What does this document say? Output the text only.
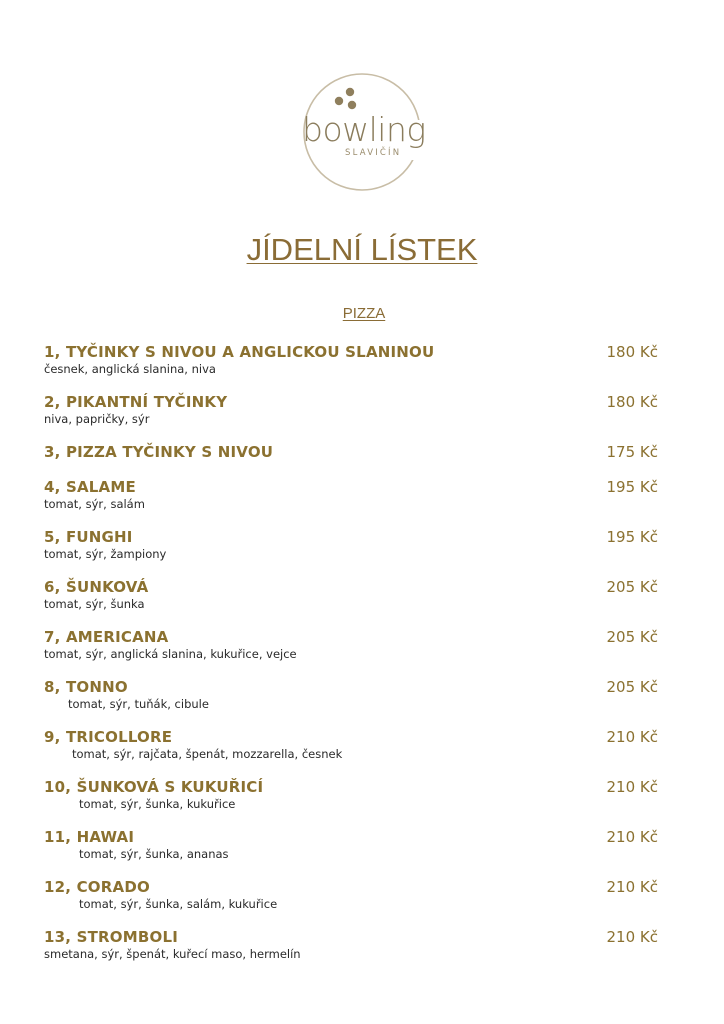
bowling
SLAVIČÍN
JÍDELNÍ LÍSTEK
PIZZA
1, TYČINKY S NIVOU A ANGLICKOU SLANINOU	180 Kč
česnek, anglická slanina, niva
2, PIKANTNÍ TYČINKY	180 Kč
niva, papričky, sýr
3, PIZZA TYČINKY S NIVOU	175 Kč
4, SALAME	195 Kč
tomat, sýr, salám
5, FUNGHI	195 Kč
tomat, sýr, žampiony
6, ŠUNKOVÁ	205 Kč
tomat, sýr, šunka
7, AMERICANA	205 Kč
tomat, sýr, anglická slanina, kukuřice, vejce
8, TONNO	205 Kč
tomat, sýr, tuňák, cibule
9, TRICOLLORE	210 Kč
tomat, sýr, rajčata, špenát, mozzarella, česnek
10, ŠUNKOVÁ S KUKUŘICÍ	210 Kč
tomat, sýr, šunka, kukuřice
11, HAWAI	210 Kč
tomat, sýr, šunka, ananas
12, CORADO	210 Kč
tomat, sýr, šunka, salám, kukuřice
13, STROMBOLI	210 Kč
smetana, sýr, špenát, kuřecí maso, hermelín
